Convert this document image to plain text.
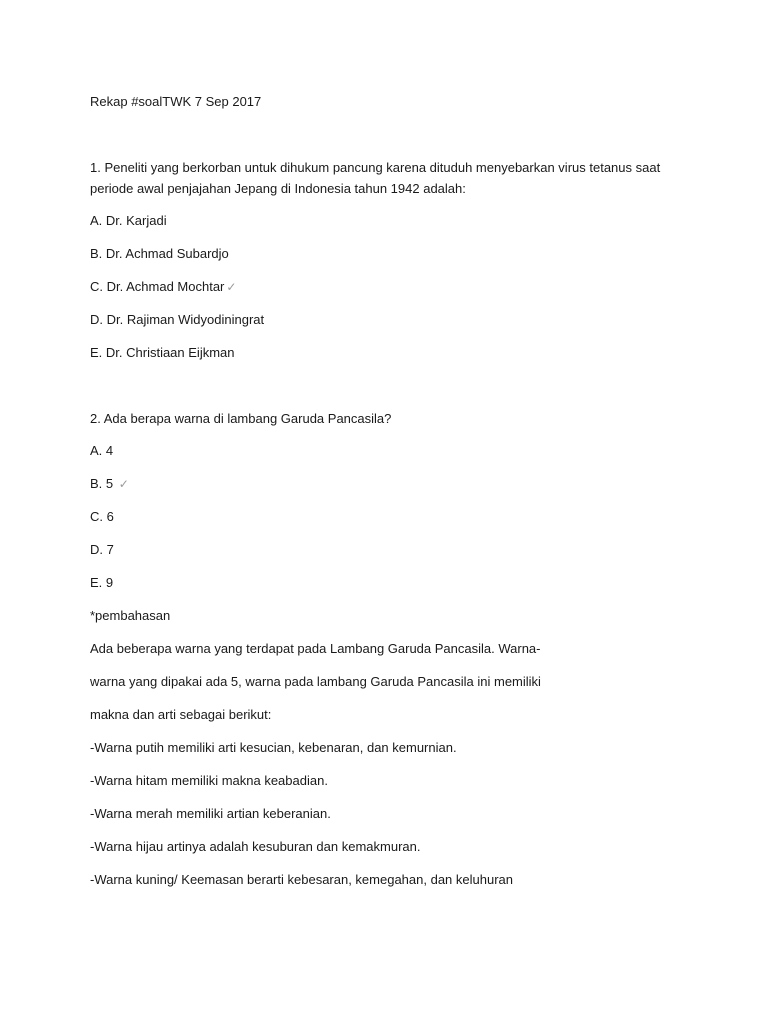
Rekap #soalTWK 7 Sep 2017
1. Peneliti yang berkorban untuk dihukum pancung karena dituduh menyebarkan virus tetanus saat
periode awal penjajahan Jepang di Indonesia tahun 1942 adalah:
A. Dr. Karjadi
B. Dr. Achmad Subardjo
C. Dr. Achmad Mochtar ✓
D. Dr. Rajiman Widyodiningrat
E. Dr. Christiaan Eijkman
2. Ada berapa warna di lambang Garuda Pancasila?
A. 4
B. 5 ✓
C. 6
D. 7
E. 9
*pembahasan
Ada beberapa warna yang terdapat pada Lambang Garuda Pancasila. Warna-
warna yang dipakai ada 5, warna pada lambang Garuda Pancasila ini memiliki
makna dan arti sebagai berikut:
-Warna putih memiliki arti kesucian, kebenaran, dan kemurnian.
-Warna hitam memiliki makna keabadian.
-Warna merah memiliki artian keberanian.
-Warna hijau artinya adalah kesuburan dan kemakmuran.
-Warna kuning/ Keemasan berarti kebesaran, kemegahan, dan keluhuran
